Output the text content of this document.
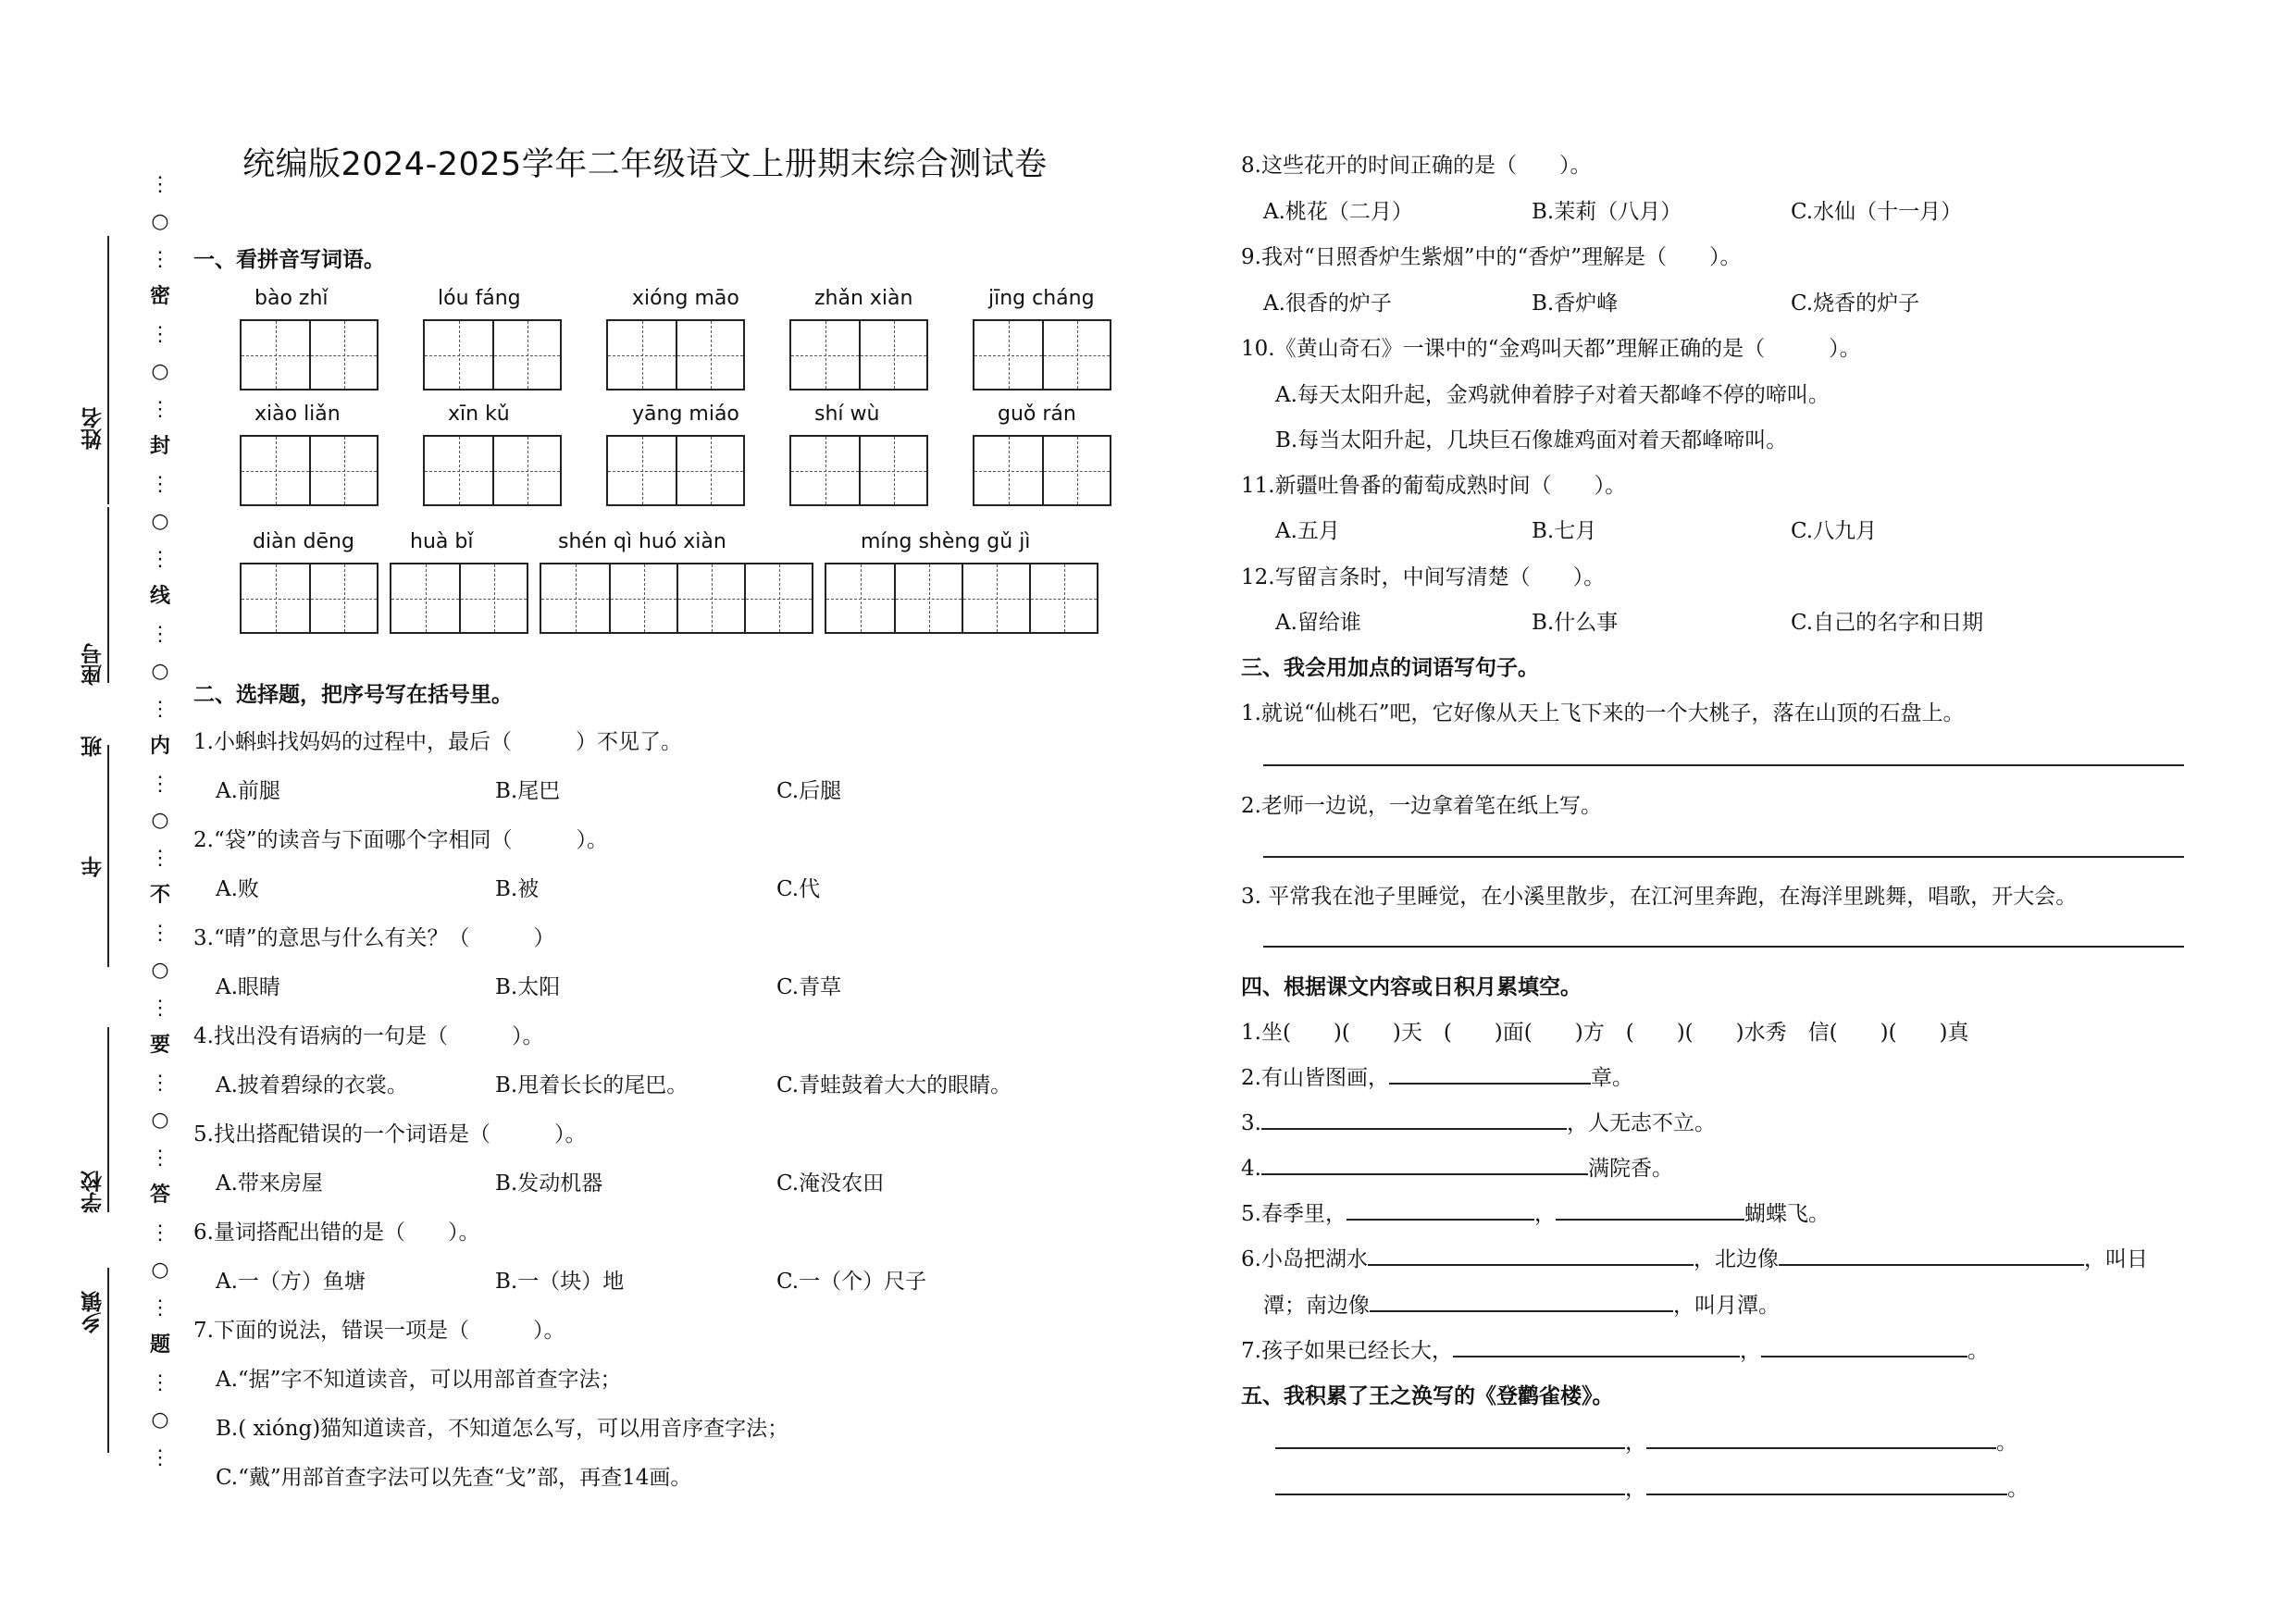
⋮
○
⋮
密
⋮
○
⋮
封
⋮
○
⋮
线
⋮
○
⋮
内
⋮
○
⋮
不
⋮
○
⋮
要
⋮
○
⋮
答
⋮
○
⋮
题
⋮
○
⋮
姓名
座号
班
年
学校
乡镇
统编版2024-2025学年二年级语文上册期末综合测试卷
一、看拼音写词语。
bào zhǐ	lóu fáng	xióng māo	zhǎn xiàn	jīng cháng
xiào liǎn	xīn kǔ	yāng miáo	shí wù	guǒ rán
diàn dēng	huà bǐ	shén qì huó xiàn	míng shèng gǔ jì
二、选择题，把序号写在括号里。
1.小蝌蚪找妈妈的过程中，最后（　　　）不见了。
A.前腿	B.尾巴	C.后腿
2.“袋”的读音与下面哪个字相同（　　　）。
A.败	B.被	C.代
3.“晴”的意思与什么有关？（　　　）
A.眼睛	B.太阳	C.青草
4.找出没有语病的一句是（　　　）。
A.披着碧绿的衣裳。	B.甩着长长的尾巴。	C.青蛙鼓着大大的眼睛。
5.找出搭配错误的一个词语是（　　　）。
A.带来房屋	B.发动机器	C.淹没农田
6.量词搭配出错的是（　　）。
A.一（方）鱼塘	B.一（块）地	C.一（个）尺子
7.下面的说法，错误一项是（　　　）。
A.“据”字不知道读音，可以用部首查字法；
B.( xióng)猫知道读音，不知道怎么写，可以用音序查字法；
C.“戴”用部首查字法可以先查“戈”部，再查14画。
8.这些花开的时间正确的是（　　）。
A.桃花（二月）	B.茉莉（八月）	C.水仙（十一月）
9.我对“日照香炉生紫烟”中的“香炉”理解是（　　）。
A.很香的炉子	B.香炉峰	C.烧香的炉子
10.《黄山奇石》一课中的“金鸡叫天都”理解正确的是（　　　）。
A.每天太阳升起，金鸡就伸着脖子对着天都峰不停的啼叫。
B.每当太阳升起，几块巨石像雄鸡面对着天都峰啼叫。
11.新疆吐鲁番的葡萄成熟时间（　　）。
A.五月	B.七月	C.八九月
12.写留言条时，中间写清楚（　　）。
A.留给谁	B.什么事	C.自己的名字和日期
三、我会用加点的词语写句子。
1.就说“仙桃石”吧，它好像从天上飞下来的一个大桃子，落在山顶的石盘上。
2.老师一边说，一边拿着笔在纸上写。
3. 平常我在池子里睡觉，在小溪里散步，在江河里奔跑，在海洋里跳舞，唱歌，开大会。
四、根据课文内容或日积月累填空。
1.坐(　　)(　　)天　(　　)面(　　)方　(　　)(　　)水秀　信(　　)(　　)真
2.有山皆图画，	章。
3.	，人无志不立。
4.	满院香。
5.春季里，	，	蝴蝶飞。
6.小岛把湖水	，北边像	，叫日
潭；南边像	，叫月潭。
7.孩子如果已经长大，	，	。
五、我积累了王之涣写的《登鹳雀楼》。
，	。
，	。
